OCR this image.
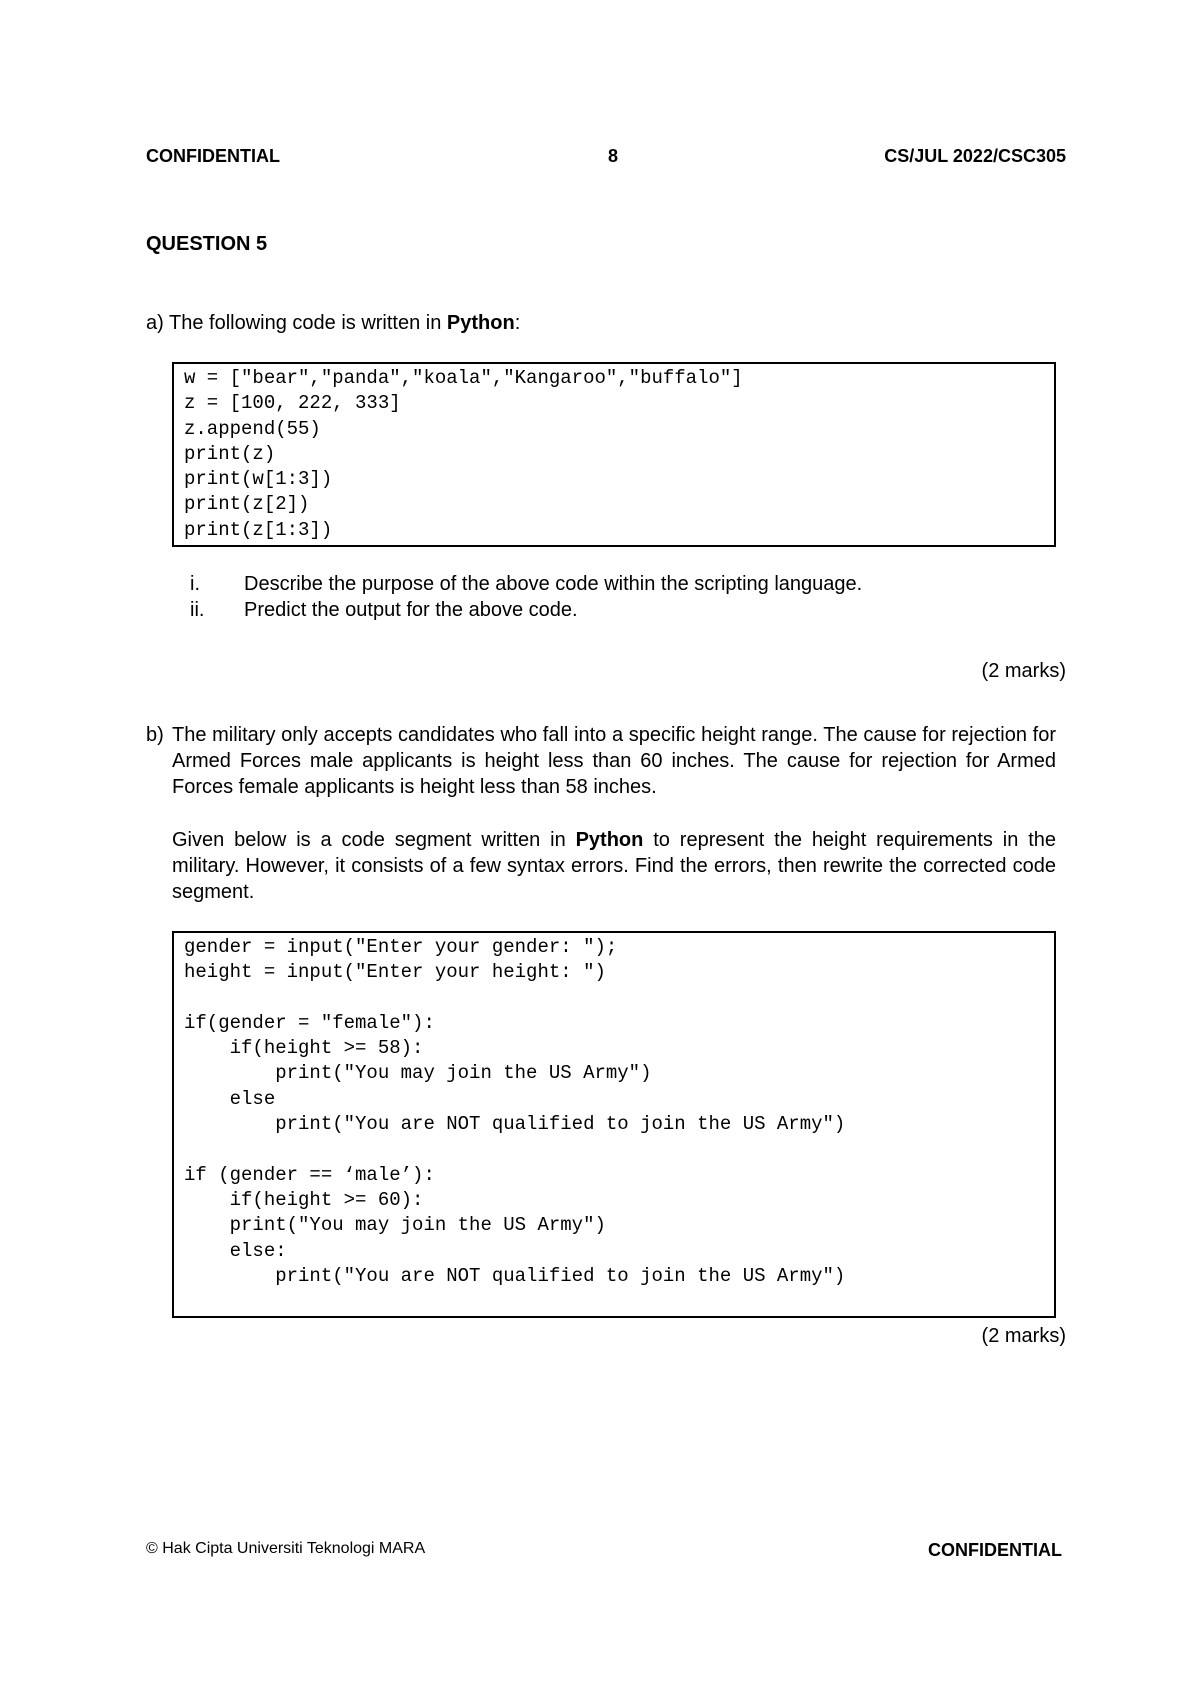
CONFIDENTIAL	8	CS/JUL 2022/CSC305
QUESTION 5
a) The following code is written in Python:
w = ["bear","panda","koala","Kangaroo","buffalo"]
z = [100, 222, 333]
z.append(55)
print(z)
print(w[1:3])
print(z[2])
print(z[1:3])
i.	Describe the purpose of the above code within the scripting language.
ii.	Predict the output for the above code.
(2 marks)
b) The military only accepts candidates who fall into a specific height range. The cause for rejection for Armed Forces male applicants is height less than 60 inches. The cause for rejection for Armed Forces female applicants is height less than 58 inches.
Given below is a code segment written in Python to represent the height requirements in the military. However, it consists of a few syntax errors. Find the errors, then rewrite the corrected code segment.
gender = input("Enter your gender: ");
height = input("Enter your height: ")
if(gender = "female"):
if(height >= 58):
print("You may join the US Army")
else
print("You are NOT qualified to join the US Army")
if (gender == ‘male’):
if(height >= 60):
print("You may join the US Army")
else:
print("You are NOT qualified to join the US Army")
(2 marks)
© Hak Cipta Universiti Teknologi MARA	CONFIDENTIAL
